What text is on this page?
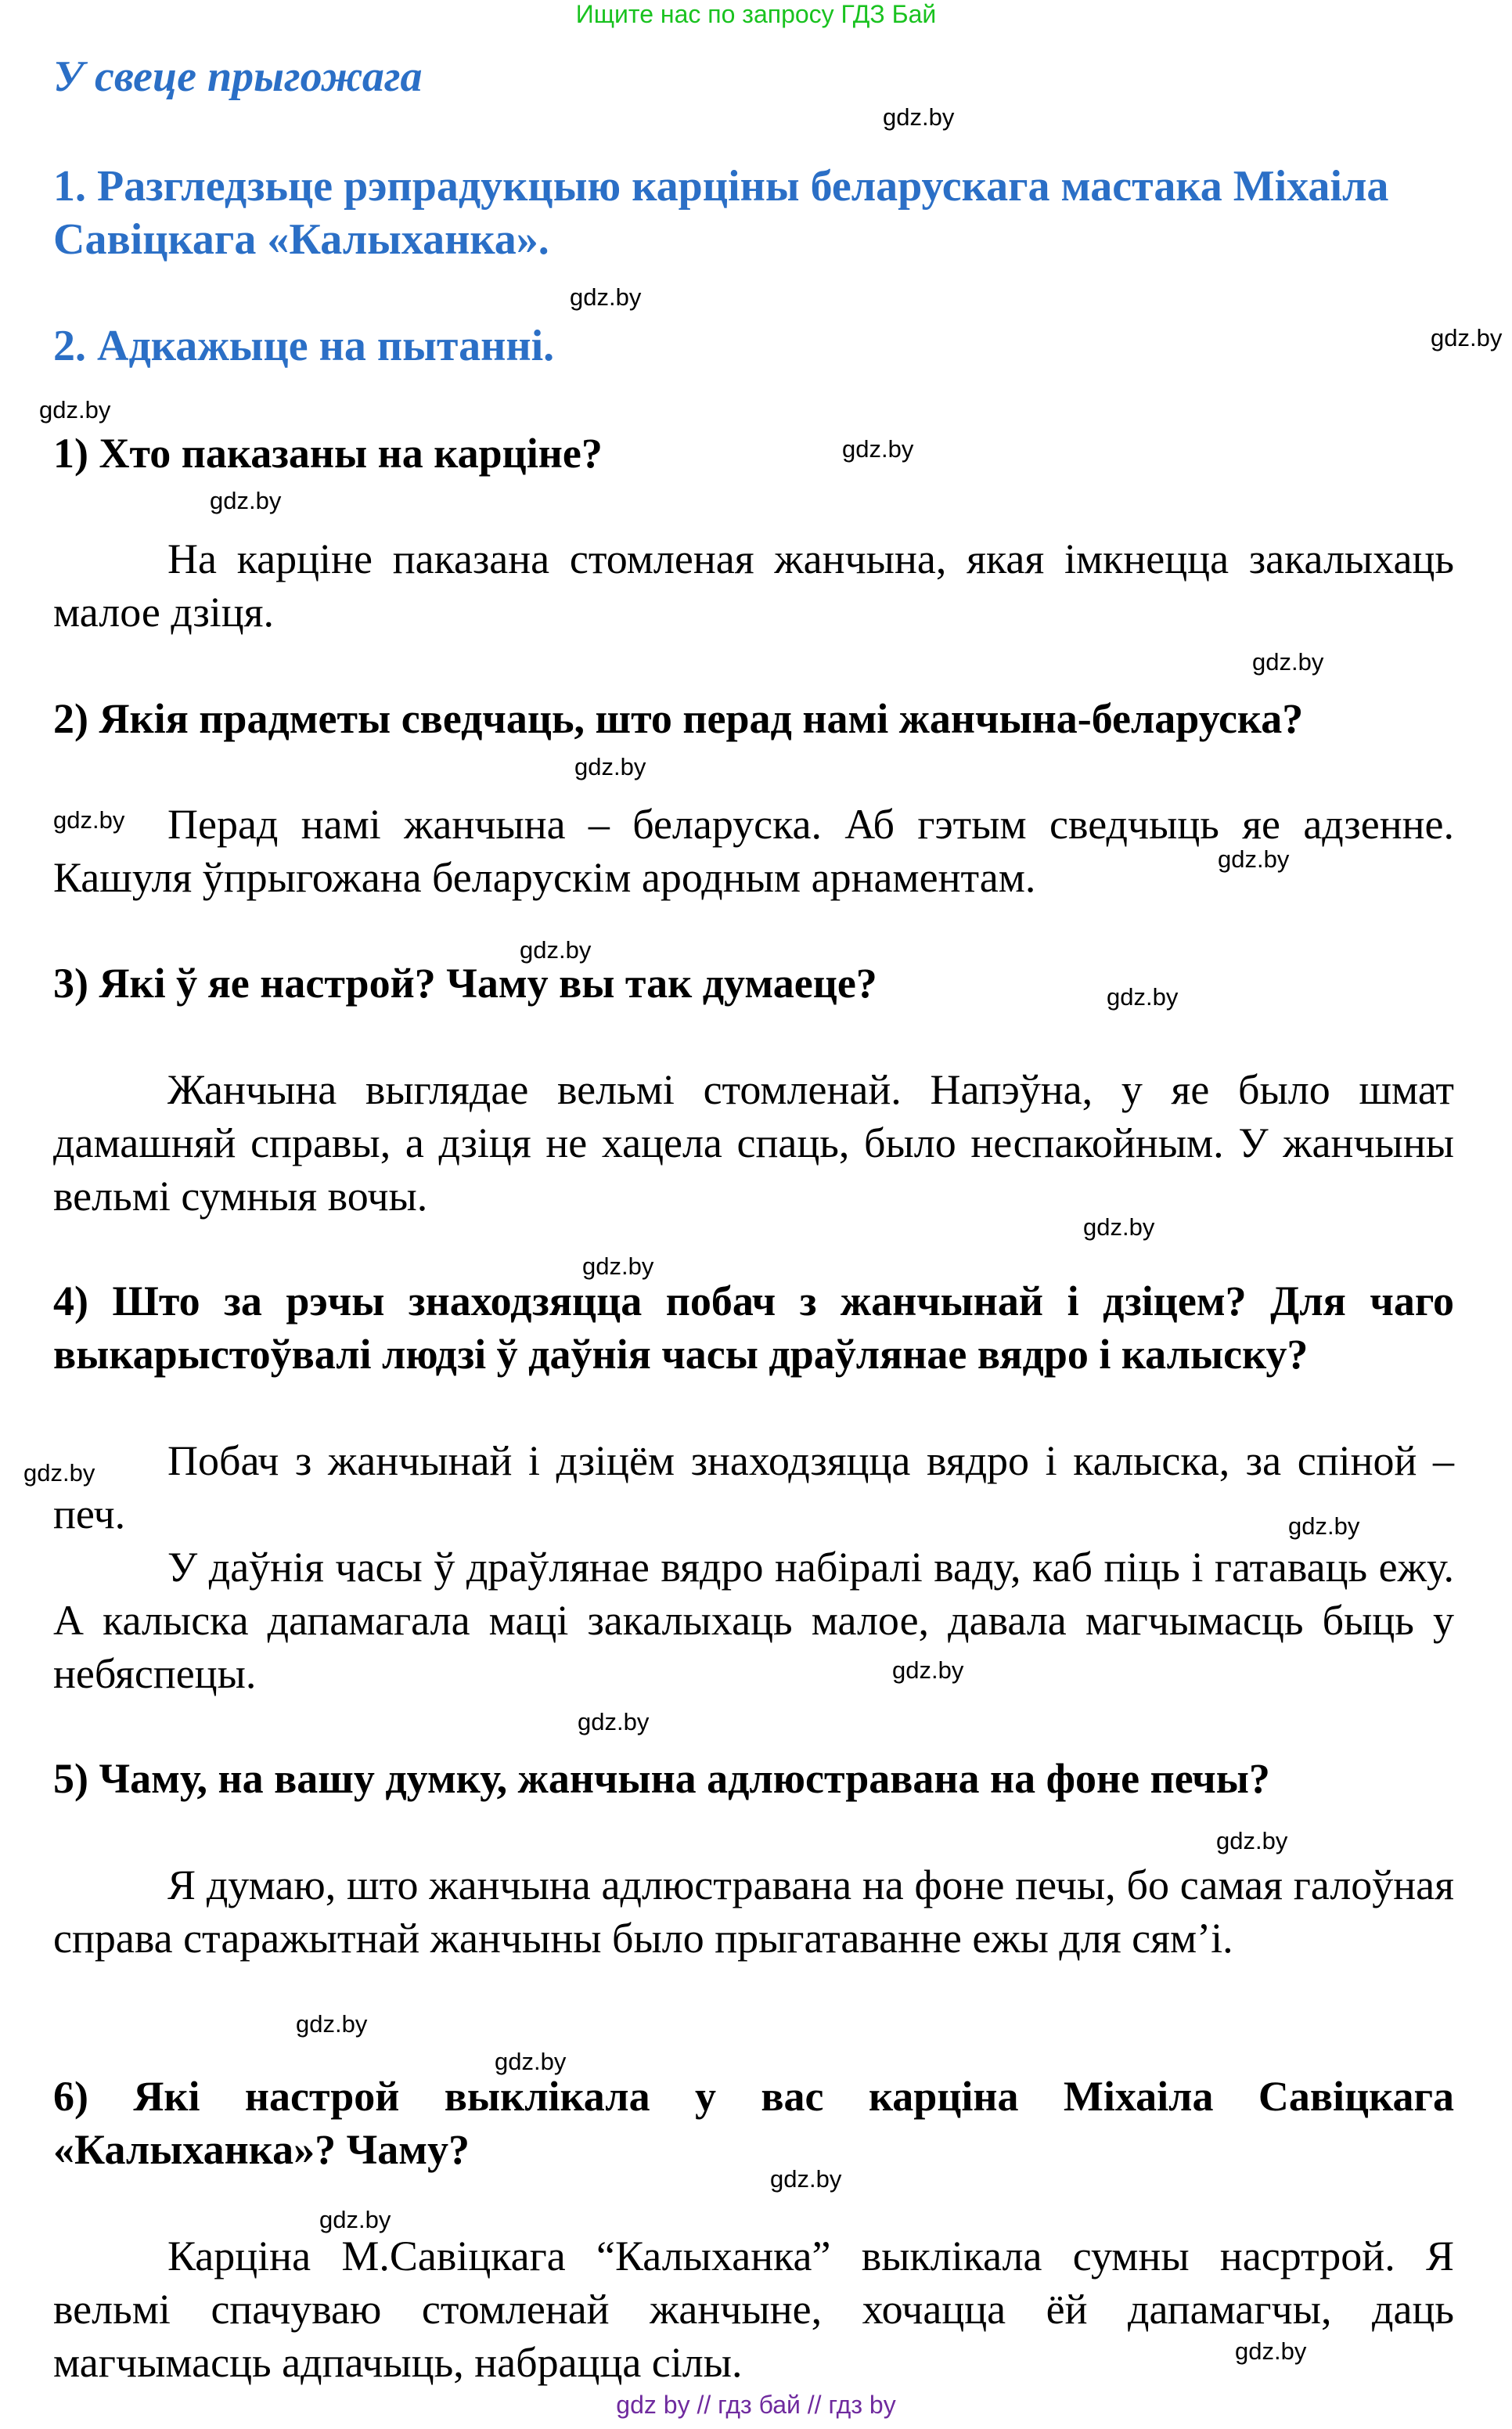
Ищите нас по запросу ГДЗ Бай
У свеце прыгожага
1. Разгледзьце рэпрадукцыю карціны беларускага мастака Міхаіла Савіцкага «Калыханка».
2. Адкажыце на пытанні.
1) Хто паказаны на карціне?
На карціне паказана стомленая жанчына, якая імкнецца закалыхаць малое дзіця.
2) Якія прадметы сведчаць, што перад намі жанчына-беларуска?
Перад намі жанчына – беларуска. Аб гэтым сведчыць яе адзенне. Кашуля ўпрыгожана беларускім ародным арнаментам.
3) Які ў яе настрой? Чаму вы так думаеце?
Жанчына выглядае вельмі стомленай. Напэўна, у яе было шмат дамашняй справы, а дзіця не хацела спаць, было неспакойным. У жанчыны вельмі сумныя вочы.
4) Што за рэчы знаходзяцца побач з жанчынай і дзіцем? Для чаго выкарыстоўвалі людзі ў даўнія часы драўлянае вядро і калыску?
Побач з жанчынай і дзіцём знаходзяцца вядро і калыска, за спіной – печ.
У даўнія часы ў драўлянае вядро набіралі ваду, каб піць і гатаваць ежу. А калыска дапамагала маці закалыхаць малое, давала магчымасць быць у небяспецы.
5) Чаму, на вашу думку, жанчына адлюстравана на фоне печы?
Я думаю, што жанчына адлюстравана на фоне печы, бо самая галоўная справа старажытнай жанчыны было прыгатаванне ежы для сям’і.
6) Які настрой выклікала у вас карціна Міхаіла Савіцкага «Калыханка»? Чаму?
Карціна М.Савіцкага “Калыханка” выклікала сумны насртрой. Я вельмі спачуваю стомленай жанчыне, хочацца ёй дапамагчы, даць магчымасць адпачыць, набрацца сілы.
gdz.by
gdz.by
gdz.by
gdz.by
gdz.by
gdz.by
gdz.by
gdz.by
gdz.by
gdz.by
gdz.by
gdz.by
gdz.by
gdz.by
gdz.by
gdz.by
gdz.by
gdz.by
gdz.by
gdz.by
gdz.by
gdz.by
gdz.by
gdz.by
gdz by // гдз бай // гдз by
